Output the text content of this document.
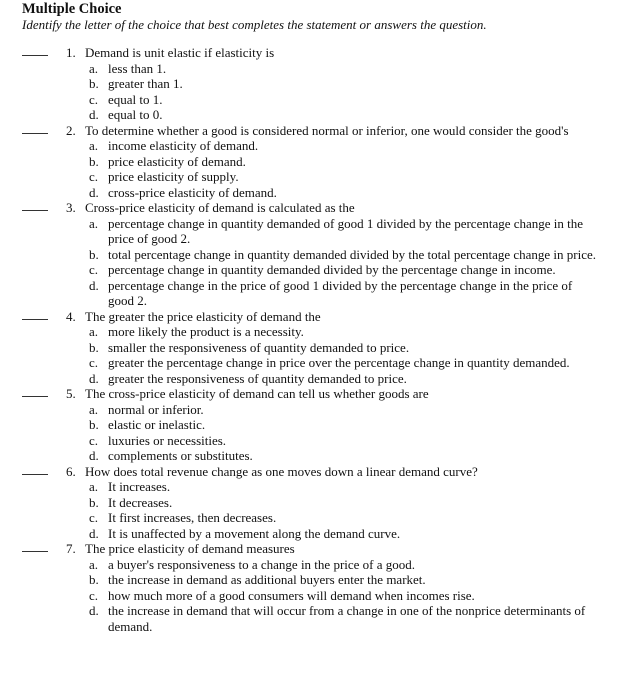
Multiple Choice
Identify the letter of the choice that best completes the statement or answers the question.
1. Demand is unit elastic if elasticity is
a. less than 1.
b. greater than 1.
c. equal to 1.
d. equal to 0.
2. To determine whether a good is considered normal or inferior, one would consider the good's
a. income elasticity of demand.
b. price elasticity of demand.
c. price elasticity of supply.
d. cross-price elasticity of demand.
3. Cross-price elasticity of demand is calculated as the
a. percentage change in quantity demanded of good 1 divided by the percentage change in the price of good 2.
b. total percentage change in quantity demanded divided by the total percentage change in price.
c. percentage change in quantity demanded divided by the percentage change in income.
d. percentage change in the price of good 1 divided by the percentage change in the price of good 2.
4. The greater the price elasticity of demand the
a. more likely the product is a necessity.
b. smaller the responsiveness of quantity demanded to price.
c. greater the percentage change in price over the percentage change in quantity demanded.
d. greater the responsiveness of quantity demanded to price.
5. The cross-price elasticity of demand can tell us whether goods are
a. normal or inferior.
b. elastic or inelastic.
c. luxuries or necessities.
d. complements or substitutes.
6. How does total revenue change as one moves down a linear demand curve?
a. It increases.
b. It decreases.
c. It first increases, then decreases.
d. It is unaffected by a movement along the demand curve.
7. The price elasticity of demand measures
a. a buyer's responsiveness to a change in the price of a good.
b. the increase in demand as additional buyers enter the market.
c. how much more of a good consumers will demand when incomes rise.
d. the increase in demand that will occur from a change in one of the nonprice determinants of demand.
